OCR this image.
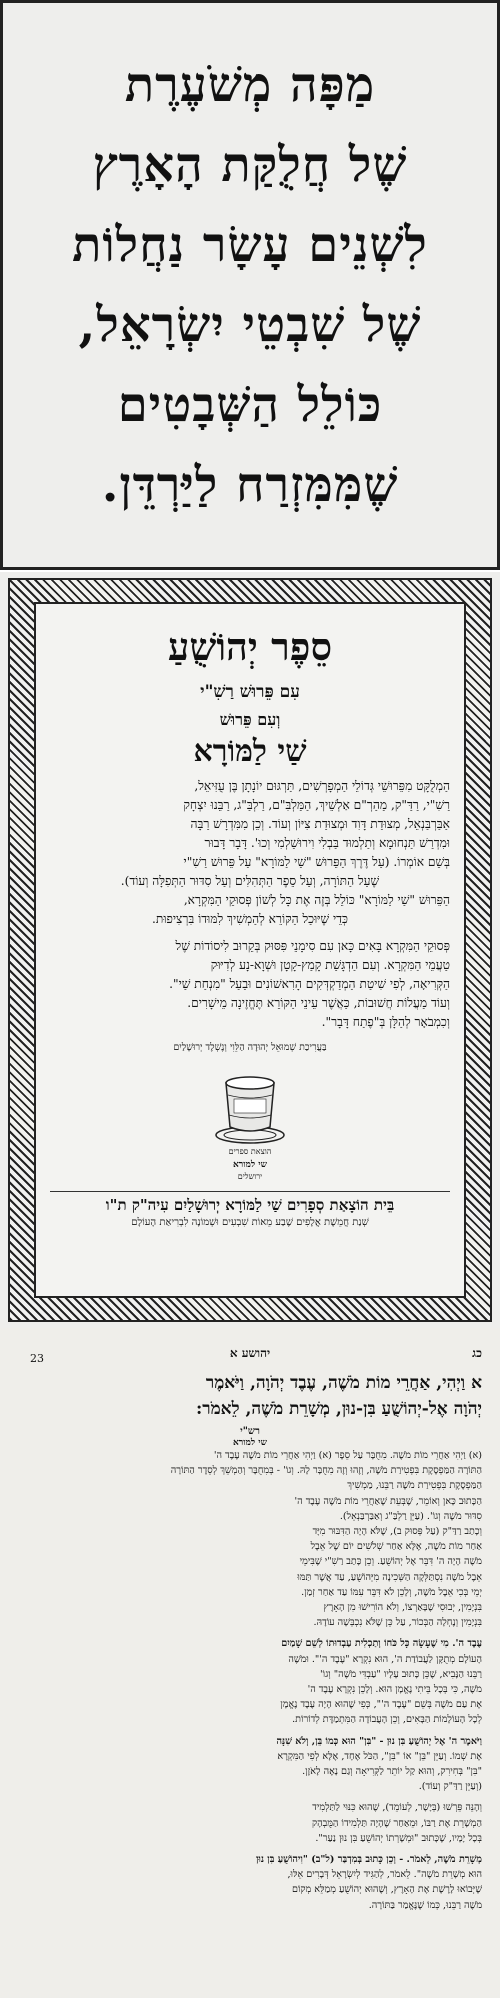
מַפָּה מְשֹׁעֶרֶת
שֶׁל חֲלֻקַּת הָאָרֶץ
לִשְׁנֵים עָשָׂר נַחֲלוֹת
שֶׁל שִׁבְטֵי יִשְׂרָאֵל,
כּוֹלֵל הַשְּׁבָטִים
שֶׁמִּמִּזְרַח לַיַּרְדֵּן.
סֵפֶר יְהוֹשֻׁעַ
עִם פֵּרוּשׁ רַשִׁ"י
וְעִם פֵּרוּשׁ
שַׁי לַמּוֹרָא
הַמְלֻקָּט מִפֵּרוּשֵׁי גְּדוֹלֵי הַמְפָרְשִׁים, תַּרְגּוּם יוֹנָתָן בֶּן עֻזִּיאֵל,
רַשִׁ"י, רַדַּ"ק, מַהַרְ"ם אַלְשֵׁיךְ, הַמַּלְבִּ"ם, רַלְבַּ"ג, רַבֵּנוּ יִצְחָק
אַבַּרְבַּנְאֵל, מְצוּדַת דָּוִד וּמְצוּדַת צִיּוֹן וְעוֹד. וְכֵן מִמִּדְרָשׁ רַבָּה
וּמִדְרַשׁ תַּנְחוּמָא וְתַלְמוּד בַּבְלִי וִירוּשַׁלְמִי וְכוּ'. דָּבָר דָּבוּר
בְּשֵׁם אוֹמְרוֹ. (עַל דֶּרֶךְ הַפֵּרוּשׁ "שַׁי לַמּוֹרָא" עַל פֵּרוּשׁ רַשִׁ"י
שֶׁעַל הַתּוֹרָה, וְעַל סֵפֶר הַתְּהִלִּים וְעַל סִדּוּר הַתְּפִלָּה וְעוֹד).
הַפֵּרוּשׁ "שַׁי לַמּוֹרָא" כּוֹלֵל בְּזֶה אֶת כָּל לְשׁוֹן פְּסוּקֵי הַמִּקְרָא,
כְּדֵי שֶׁיּוּכַל הַקּוֹרֵא לְהַמְשִׁיךְ לִמּוּדוֹ בִּרְצִיפוּת.
פְּסוּקֵי הַמִּקְרָא בָּאִים כָּאן עִם סִימָנֵי פִּסּוּק בְּקֵרוּב לִיסוֹדוֹת שֶׁל
טַעֲמֵי הַמִּקְרָא. וְעִם הַדְגָּשַׁת קָמַץ-קָטָן וּשְׁוָא-נָע לְדִיּוּק
הַקְּרִיאָה, לְפִי שִׁיטַת הַמְדַקְדְּקִים הָרִאשׁוֹנִים וּבַעַל "מִנְחַת שַׁי".
וְעוֹד מַעֲלוֹת חֲשׁוּבוֹת, כַּאֲשֶׁר עֵינֵי הַקּוֹרֵא תֶּחֱזֶינָה מֵישָׁרִים.
וְכִמְבֹאָר לְהַלָּן בְּ"פֶתַח דָּבָר".
בַּעֲרִיכַת שְׁמוּאֵל יְהוּדָה הַלֵּוִי וְנֶשְׁלֶד יְרוּשָׁלַיִם
הוצאת ספרים
שי למורא
ירושלים
בֵּית הוֹצָאַת סְפָרִים שַׁי לַמּוֹרָא יְרוּשָׁלַיִם עִיה"ק ת"ו
שְׁנַת חֲמֵשֶׁת אֲלָפִים שֶׁבַע מֵאוֹת שִׁבְעִים וּשְׁמוֹנָה לִבְרִיאַת הָעוֹלָם
כג
יהושע א
23
א וַיְהִי, אַחֲרֵי מוֹת מֹשֶׁה, עֶבֶד יְהֹוָה, וַיֹּאמֶר
יְהֹוָה אֶל-יְהוֹשֻׁעַ בִּן-נוּן, מְשָׁרֵת מֹשֶׁה, לֵאמֹר:
רש"י
שי למורא
(א) וַיְהִי אַחֲרֵי מוֹת מֹשֶׁה. מִחֻבָּר עַל סֵפֶר (א) וַיְהִי אַחֲרֵי מוֹת מֹשֶׁה עֶבֶד ה'
הַתּוֹרָה הַמַּפְסֶקֶת בִּפְטִירַת מֹשֶׁה, וְזֶהוּ וְזֶה מִחֻבָּר לָהּ. וְגוֹ' - בְּמִחֻבָּר וְהַמְשֵׁךְ לְסֵדֶר הַתּוֹרָה
הַמַּפְסֶקֶת בִּפְטִירַת מֹשֶׁה רַבֵּנוּ, מַמְשִׁיךְ
הַכָּתוּב כָּאן וְאוֹמֵר, שֶׁבְּעֵת שֶׁאַחֲרֵי מוֹת מֹשֶׁה עֶבֶד ה'
סִדּוּר מֹשֶׁה וְגוֹ'. (עַיֵּן רַלְבַּ"ג וְאַבַּרְבַּנְאֵל).
וְכָתַב רַדַּ"ק (עַל פְּסוּק ב), שֶׁלֹּא הָיָה הַדִּבּוּר מִיָּד
אַחַר מוֹת מֹשֶׁה, אֶלָּא אַחַר שְׁלֹשִׁים יוֹם שֶׁל אֵבֶל
מֹשֶׁה הָיָה ה' דִּבֵּר אֶל יְהוֹשֻׁעַ. וְכֵן כָּתַב רַשִׁ"י שֶׁבִּימֵי
אֵבֶל מֹשֶׁה נִסְתַּלְּקָה הַשְּׁכִינָה מִיְּהוֹשֻׁעַ, עַד אֲשֶׁר תַּמּוּ
יְמֵי בְּכִי אֵבֶל מֹשֶׁה, וְלָכֵן לֹא דִּבֵּר עִמּוֹ עַד אַחַר זְמַן.
בִּנְיָמִין, יְבוּסִי שֶׁבָּאַרְצוֹ, וְלֹא הוֹרִישׁוּ מִן הָאָרֶץ
בִּנְיָמִין וְנֶחְלָה הַבְּכוֹר, עַל כֵּן שֶׁלֹּא נִכְבְּשָׁה עוֹדָהּ.
עֶבֶד ה'. מִי שֶׁעָשָׂה כָּל כֹּחוֹ וְתַכְלִית עַבְדוּתוֹ לְשֵׁם שָׁמַיִם
הָעוֹלָם מְתֻקָּן לַעֲבוֹדַת ה', הוּא נִקְרָא "עֶבֶד ה'". וּמֹשֶׁה
רַבֵּנוּ הַנָּבִיא, שֶׁכֵּן כָּתוּב עָלָיו "עַבְדִּי מֹשֶׁה" וְגוֹ'
מֹשֶׁה, כִּי בְּכָל בֵּיתִי נֶאֱמָן הוּא. וְלָכֵן נִקְרָא עֶבֶד ה'
אֶת עַם מֹשֶׁה בְּשֵׁם "עֶבֶד ה'", כְּפִי שֶׁהוּא הָיָה עֶבֶד נֶאֱמָן
לְכָל הָעוֹלָמוֹת הַבָּאִים, וְכֵן הָעֲבוֹדָה הַמִּתְמַדֶּת לְדוֹרוֹת.
וַיֹּאמֶר ה' אֶל יְהוֹשֻׁעַ בִּן נוּן - "בִּן" הוּא כְּמוֹ בֵּן, וְלֹא שִׁנָּה
אֶת שְׁמוֹ. וְעַיֵּן "בֵּן" אוֹ "בִּן", הַכֹּל אֶחָד, אֶלָּא לְפִי הַמִּקְרָא
"בִּן" בְּחִירִק, וְהוּא קַל יוֹתֵר לַקְּרִיאָה וְגַם נָאֶה לָאֹזֶן.
(וְעַיֵּן רַדַּ"ק וְעוֹד).
וְהָנֵּה פֵּרְשׁוּ (בְּיָשָׁר, לְעוֹמֵד), שֶׁהוּא כִּנּוּי לַתַּלְמִיד
הַמְשָׁרֵת אֶת רַבּוֹ, וּמֵאַחַר שֶׁהָיָה תַּלְמִידוֹ הַמֻּבְהָק
בְּכָל יָמָיו, שֶׁכָּתוּב "וּמְשָׁרְתוֹ יְהוֹשֻׁעַ בִּן נוּן נַעַר".
מְשָׁרֵת מֹשֶׁה, לֵאמֹר. - וְכֵן כָּתוּב בְּמִדְבַּר (ל"ב) "וִיהוֹשֻׁעַ בִּן נוּן
הוּא מְשָׁרֵת מֹשֶׁה". לֵאמֹר, לְהַגִּיד לְיִשְׂרָאֵל דְּבָרִים אֵלּוּ,
שֶׁיְּבוֹאוּ לָרֶשֶׁת אֶת הָאָרֶץ, וְשֶׁהוּא יְהוֹשֻׁעַ מְמַלֵּא מְקוֹם
מֹשֶׁה רַבֵּנוּ, כְּמוֹ שֶׁנֶּאֱמַר בַּתּוֹרָה.
